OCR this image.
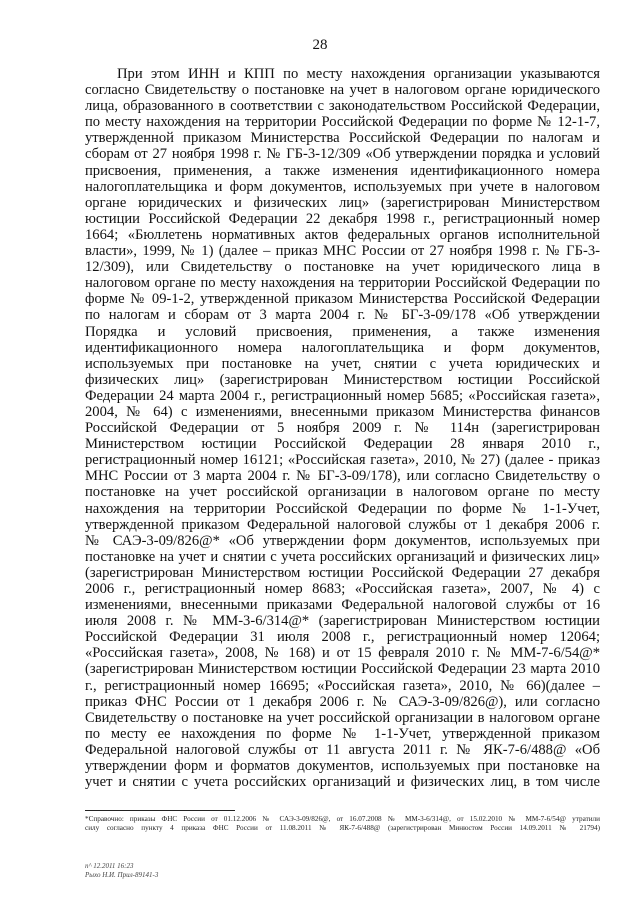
28
При этом ИНН и КПП по месту нахождения организации указываются
согласно Свидетельству о постановке на учет в налоговом органе юридического
лица, образованного в соответствии с законодательством Российской Федерации,
по месту нахождения на территории Российской Федерации по форме № 12-1-7,
утвержденной приказом Министерства Российской Федерации по налогам и
сборам от 27 ноября 1998 г. № ГБ-3-12/309 «Об утверждении порядка и условий
присвоения, применения, а также изменения идентификационного номера
налогоплательщика и форм документов, используемых при учете в налоговом
органе юридических и физических лиц» (зарегистрирован Министерством
юстиции Российской Федерации 22 декабря 1998 г., регистрационный номер
1664; «Бюллетень нормативных актов федеральных органов исполнительной
власти», 1999, № 1) (далее – приказ МНС России от 27 ноября 1998 г. № ГБ-3-
12/309), или Свидетельству о постановке на учет юридического лица в
налоговом органе по месту нахождения на территории Российской Федерации по
форме № 09-1-2, утвержденной приказом Министерства Российской Федерации
по налогам и сборам от 3 марта 2004 г. № БГ-3-09/178 «Об утверждении
Порядка и условий присвоения, применения, а также изменения
идентификационного номера налогоплательщика и форм документов,
используемых при постановке на учет, снятии с учета юридических и
физических лиц» (зарегистрирован Министерством юстиции Российской
Федерации 24 марта 2004 г., регистрационный номер 5685; «Российская газета»,
2004, № 64) с изменениями, внесенными приказом Министерства финансов
Российской Федерации от 5 ноября 2009 г. № 114н (зарегистрирован
Министерством юстиции Российской Федерации 28 января 2010 г.,
регистрационный номер 16121; «Российская газета», 2010, № 27) (далее - приказ
МНС России от 3 марта 2004 г. № БГ-3-09/178), или согласно Свидетельству о
постановке на учет российской организации в налоговом органе по месту
нахождения на территории Российской Федерации по форме № 1-1-Учет,
утвержденной приказом Федеральной налоговой службы от 1 декабря 2006 г.
№ САЭ-3-09/826@* «Об утверждении форм документов, используемых при
постановке на учет и снятии с учета российских организаций и физических лиц»
(зарегистрирован Министерством юстиции Российской Федерации 27 декабря
2006 г., регистрационный номер 8683; «Российская газета», 2007, № 4) с
изменениями, внесенными приказами Федеральной налоговой службы от 16
июля 2008 г. № ММ-3-6/314@* (зарегистрирован Министерством юстиции
Российской Федерации 31 июля 2008 г., регистрационный номер 12064;
«Российская газета», 2008, № 168) и от 15 февраля 2010 г. № ММ-7-6/54@*
(зарегистрирован Министерством юстиции Российской Федерации 23 марта 2010
г., регистрационный номер 16695; «Российская газета», 2010, № 66)(далее –
приказ ФНС России от 1 декабря 2006 г. № САЭ-3-09/826@), или согласно
Свидетельству о постановке на учет российской организации в налоговом органе
по месту ее нахождения по форме № 1-1-Учет, утвержденной приказом
Федеральной налоговой службы от 11 августа 2011 г. № ЯК-7-6/488@ «Об
утверждении форм и форматов документов, используемых при постановке на
учет и снятии с учета российских организаций и физических лиц, в том числе
*Справочно: приказы ФНС России от 01.12.2006 № САЭ-3-09/826@, от 16.07.2008 № ММ-3-6/314@, от 15.02.2010 № ММ-7-6/54@ утратили
силу согласно пункту 4 приказа ФНС России от 11.08.2011 № ЯК-7-6/488@ (зарегистрирован Минюстом России 14.09.2011 № 21794)
п^ 12.2011 16:23
Рыхо Н.И. Прил-89141-3
